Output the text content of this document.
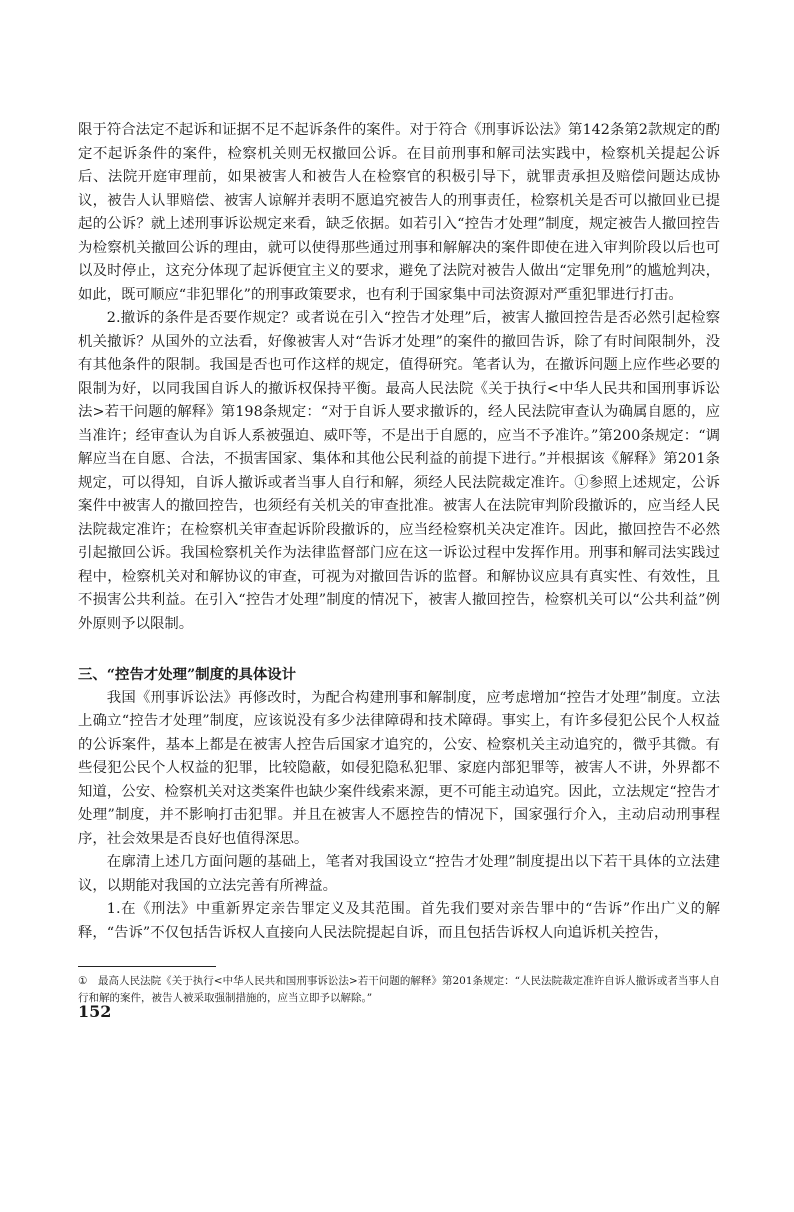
限于符合法定不起诉和证据不足不起诉条件的案件。对于符合《刑事诉讼法》第142条第2款规定的酌定不起诉条件的案件，检察机关则无权撤回公诉。在目前刑事和解司法实践中，检察机关提起公诉后、法院开庭审理前，如果被害人和被告人在检察官的积极引导下，就罪责承担及赔偿问题达成协议，被告人认罪赔偿、被害人谅解并表明不愿追究被告人的刑事责任，检察机关是否可以撤回业已提起的公诉？就上述刑事诉讼规定来看，缺乏依据。如若引入“控告才处理”制度，规定被告人撤回控告为检察机关撤回公诉的理由，就可以使得那些通过刑事和解解决的案件即使在进入审判阶段以后也可以及时停止，这充分体现了起诉便宜主义的要求，避免了法院对被告人做出“定罪免刑”的尴尬判决，如此，既可顺应“非犯罪化”的刑事政策要求，也有利于国家集中司法资源对严重犯罪进行打击。

2.撤诉的条件是否要作规定？或者说在引入“控告才处理”后，被害人撤回控告是否必然引起检察机关撤诉？从国外的立法看，好像被害人对“告诉才处理”的案件的撤回告诉，除了有时间限制外，没有其他条件的限制。我国是否也可作这样的规定，值得研究。笔者认为，在撤诉问题上应作些必要的限制为好，以同我国自诉人的撤诉权保持平衡。最高人民法院《关于执行<中华人民共和国刑事诉讼法>若干问题的解释》第198条规定：“对于自诉人要求撤诉的，经人民法院审查认为确属自愿的，应当准许；经审查认为自诉人系被强迫、威吓等，不是出于自愿的，应当不予准许。”第200条规定：“调解应当在自愿、合法，不损害国家、集体和其他公民利益的前提下进行。”并根据该《解释》第201条规定，可以得知，自诉人撤诉或者当事人自行和解，须经人民法院裁定准许。①参照上述规定，公诉案件中被害人的撤回控告，也须经有关机关的审查批准。被害人在法院审判阶段撤诉的，应当经人民法院裁定准许；在检察机关审查起诉阶段撤诉的，应当经检察机关决定准许。因此，撤回控告不必然引起撤回公诉。我国检察机关作为法律监督部门应在这一诉讼过程中发挥作用。刑事和解司法实践过程中，检察机关对和解协议的审查，可视为对撤回告诉的监督。和解协议应具有真实性、有效性，且不损害公共利益。在引入“控告才处理”制度的情况下，被害人撤回控告，检察机关可以“公共利益”例外原则予以限制。

三、“控告才处理”制度的具体设计

我国《刑事诉讼法》再修改时，为配合构建刑事和解制度，应考虑增加“控告才处理”制度。立法上确立“控告才处理”制度，应该说没有多少法律障碍和技术障碍。事实上，有许多侵犯公民个人权益的公诉案件，基本上都是在被害人控告后国家才追究的，公安、检察机关主动追究的，微乎其微。有些侵犯公民个人权益的犯罪，比较隐蔽，如侵犯隐私犯罪、家庭内部犯罪等，被害人不讲，外界都不知道，公安、检察机关对这类案件也缺少案件线索来源，更不可能主动追究。因此，立法规定“控告才处理”制度，并不影响打击犯罪。并且在被害人不愿控告的情况下，国家强行介入，主动启动刑事程序，社会效果是否良好也值得深思。

在廓清上述几方面问题的基础上，笔者对我国设立“控告才处理”制度提出以下若干具体的立法建议，以期能对我国的立法完善有所裨益。

1.在《刑法》中重新界定亲告罪定义及其范围。首先我们要对亲告罪中的“告诉”作出广义的解释，“告诉”不仅包括告诉权人直接向人民法院提起自诉，而且包括告诉权人向追诉机关控告，

① 最高人民法院《关于执行<中华人民共和国刑事诉讼法>若干问题的解释》第201条规定：“人民法院裁定准许自诉人撤诉或者当事人自行和解的案件，被告人被采取强制措施的，应当立即予以解除。”

152
